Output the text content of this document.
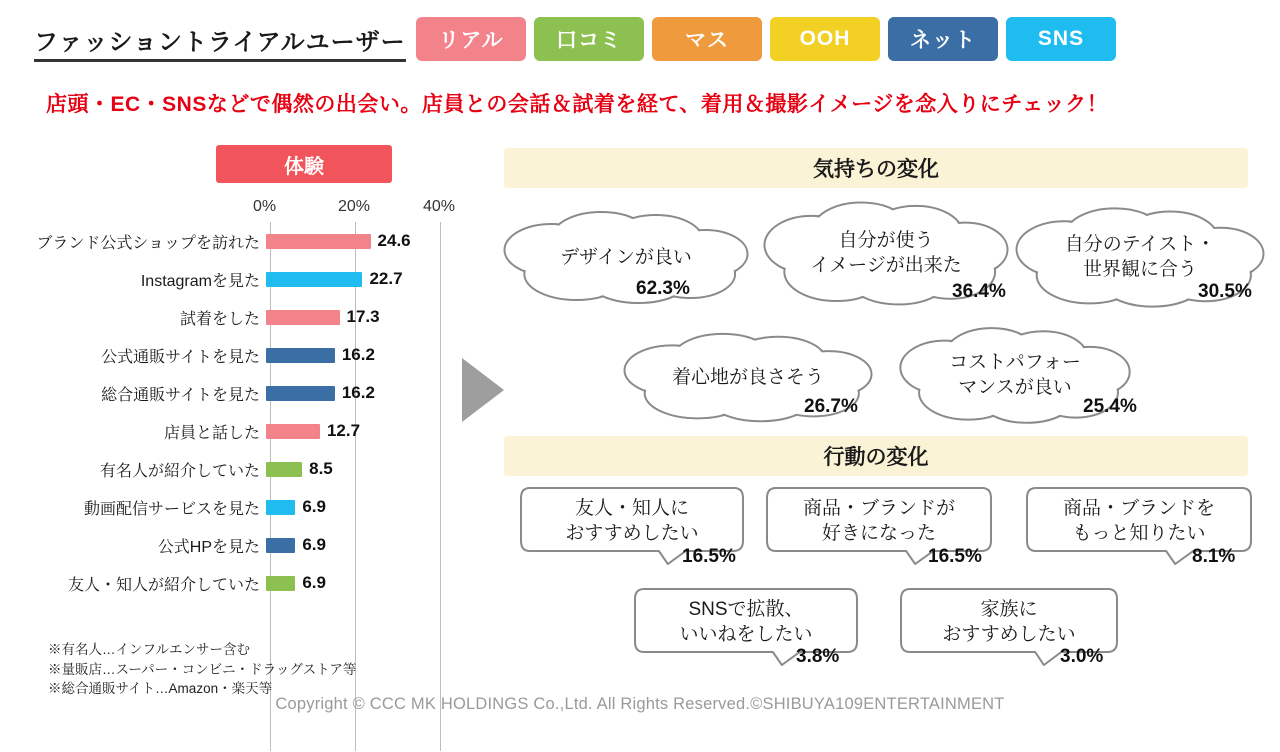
ファッショントライアルユーザー	リアル	口コミ	マス	OOH	ネット	SNS
店頭・EC・SNSなどで偶然の出会い。店員との会話＆試着を経て、着用＆撮影イメージを念入りにチェック！
体験
0%	20%	40%
ブランド公式ショップを訪れた	24.6
Instagramを見た	22.7
試着をした	17.3
公式通販サイトを見た	16.2
総合通販サイトを見た	16.2
店員と話した	12.7
有名人が紹介していた	8.5
動画配信サービスを見た	6.9
公式HPを見た	6.9
友人・知人が紹介していた	6.9
※有名人…インフルエンサー含む
※量販店…スーパー・コンビニ・ドラッグストア等
※総合通販サイト…Amazon・楽天等
気持ちの変化
行動の変化
デザインが良い
62.3%
自分が使う
イメージが出来た
36.4%
自分のテイスト・
世界観に合う
30.5%
着心地が良さそう
26.7%
コストパフォー
マンスが良い
25.4%
友人・知人に
おすすめしたい
16.5%
商品・ブランドが
好きになった
16.5%
商品・ブランドを
もっと知りたい
8.1%
SNSで拡散、
いいねをしたい
3.8%
家族に
おすすめしたい
3.0%
Copyright © CCC MK HOLDINGS Co.,Ltd. All Rights Reserved.©SHIBUYA109ENTERTAINMENT
